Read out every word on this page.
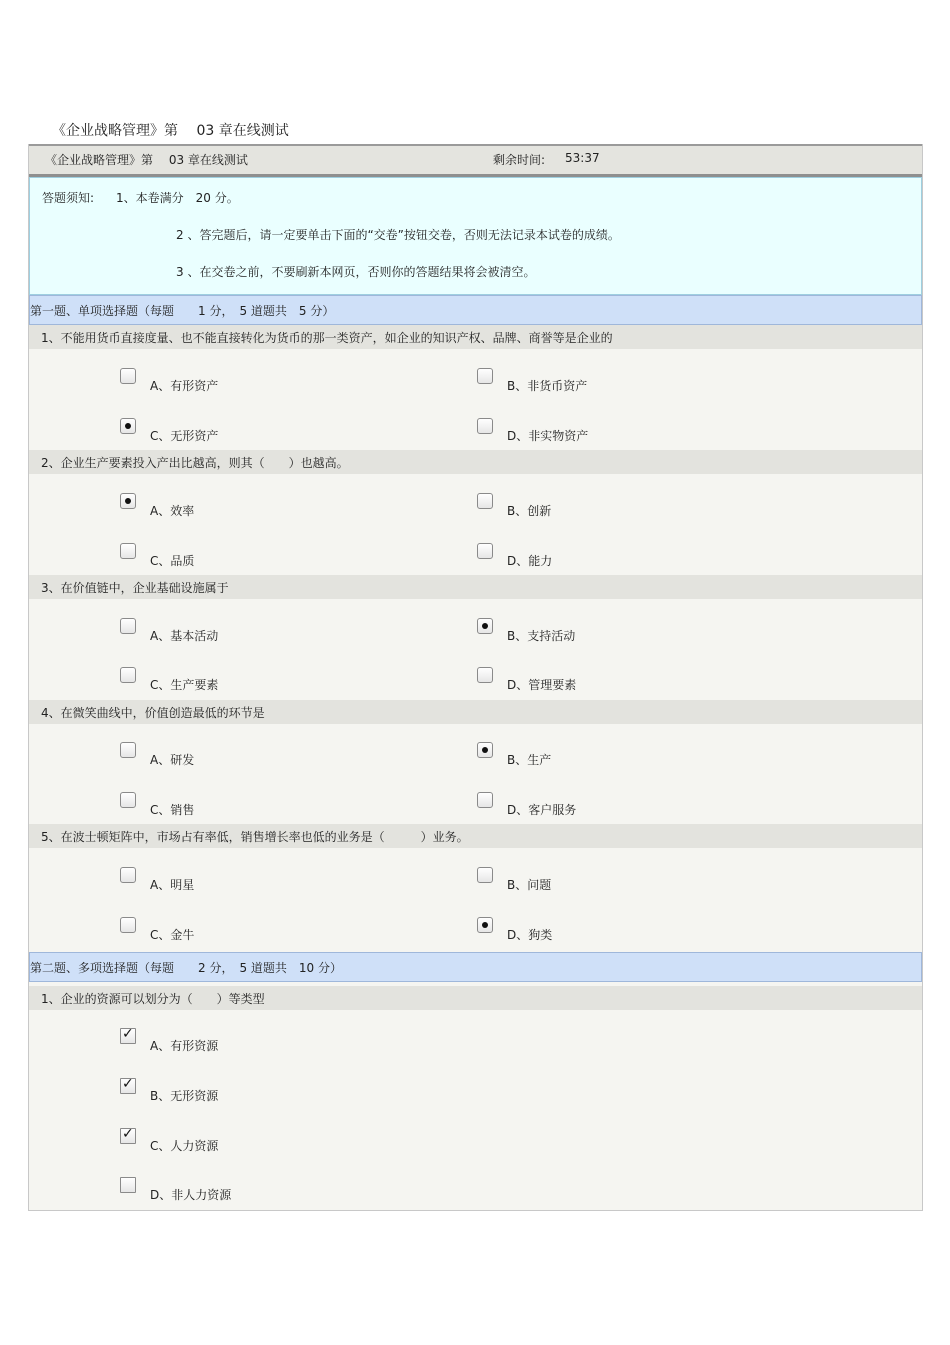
《企业战略管理》第 　03 章在线测试
《企业战略管理》第 　03 章在线测试	剩余时间: 53:37
答题须知: 1、本卷满分　20 分。
2 、答完题后，请一定要单击下面的“交卷”按钮交卷，否则无法记录本试卷的成绩。
3 、在交卷之前，不要刷新本网页，否则你的答题结果将会被清空。
第一题、单项选择题（每题　　1 分，　5 道题共　5 分）
1、不能用货币直接度量、也不能直接转化为货币的那一类资产，如企业的知识产权、品牌、商誉等是企业的
A、有形资产	B、非货币资产
C、无形资产	D、非实物资产
2、企业生产要素投入产出比越高，则其（　　）也越高。
A、效率	B、创新
C、品质	D、能力
3、在价值链中，企业基础设施属于
A、基本活动	B、支持活动
C、生产要素	D、管理要素
4、在微笑曲线中，价值创造最低的环节是
A、研发	B、生产
C、销售	D、客户服务
5、在波士顿矩阵中，市场占有率低，销售增长率也低的业务是（　　　）业务。
A、明星	B、问题
C、金牛	D、狗类
第二题、多项选择题（每题　　2 分，　5 道题共　10 分）
1、企业的资源可以划分为（　　）等类型
✓
A、有形资源
✓
B、无形资源
✓
C、人力资源
D、非人力资源
